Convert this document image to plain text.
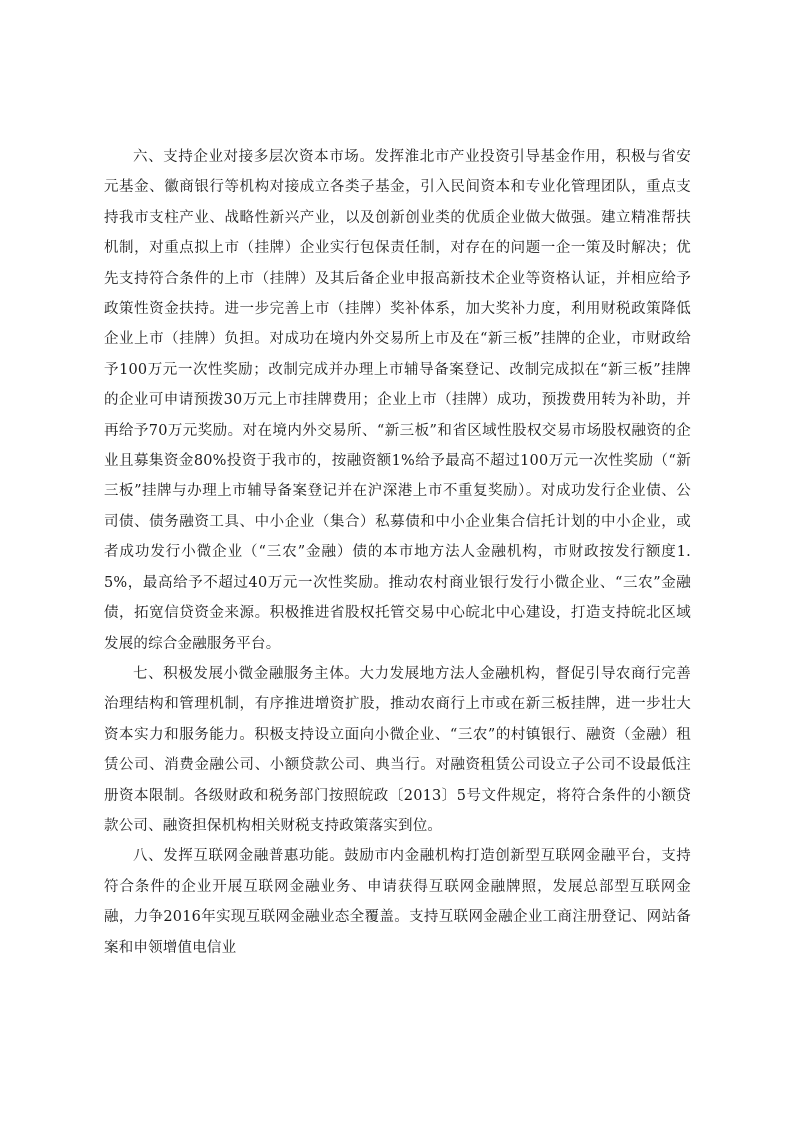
六、支持企业对接多层次资本市场。发挥淮北市产业投资引导基金作用，积极与省安元基金、徽商银行等机构对接成立各类子基金，引入民间资本和专业化管理团队，重点支持我市支柱产业、战略性新兴产业，以及创新创业类的优质企业做大做强。建立精准帮扶机制，对重点拟上市（挂牌）企业实行包保责任制，对存在的问题一企一策及时解决；优先支持符合条件的上市（挂牌）及其后备企业申报高新技术企业等资格认证，并相应给予政策性资金扶持。进一步完善上市（挂牌）奖补体系，加大奖补力度，利用财税政策降低企业上市（挂牌）负担。对成功在境内外交易所上市及在“新三板”挂牌的企业，市财政给予100万元一次性奖励；改制完成并办理上市辅导备案登记、改制完成拟在“新三板”挂牌的企业可申请预拨30万元上市挂牌费用；企业上市（挂牌）成功，预拨费用转为补助，并再给予70万元奖励。对在境内外交易所、“新三板”和省区域性股权交易市场股权融资的企业且募集资金80%投资于我市的，按融资额1%给予最高不超过100万元一次性奖励（“新三板”挂牌与办理上市辅导备案登记并在沪深港上市不重复奖励）。对成功发行企业债、公司债、债务融资工具、中小企业（集合）私募债和中小企业集合信托计划的中小企业，或者成功发行小微企业（“三农”金融）债的本市地方法人金融机构，市财政按发行额度1.5%，最高给予不超过40万元一次性奖励。推动农村商业银行发行小微企业、“三农”金融债，拓宽信贷资金来源。积极推进省股权托管交易中心皖北中心建设，打造支持皖北区域发展的综合金融服务平台。

七、积极发展小微金融服务主体。大力发展地方法人金融机构，督促引导农商行完善治理结构和管理机制，有序推进增资扩股，推动农商行上市或在新三板挂牌，进一步壮大资本实力和服务能力。积极支持设立面向小微企业、“三农”的村镇银行、融资（金融）租赁公司、消费金融公司、小额贷款公司、典当行。对融资租赁公司设立子公司不设最低注册资本限制。各级财政和税务部门按照皖政〔2013〕5号文件规定，将符合条件的小额贷款公司、融资担保机构相关财税支持政策落实到位。

八、发挥互联网金融普惠功能。鼓励市内金融机构打造创新型互联网金融平台，支持符合条件的企业开展互联网金融业务、申请获得互联网金融牌照，发展总部型互联网金融，力争2016年实现互联网金融业态全覆盖。支持互联网金融企业工商注册登记、网站备案和申领增值电信业
